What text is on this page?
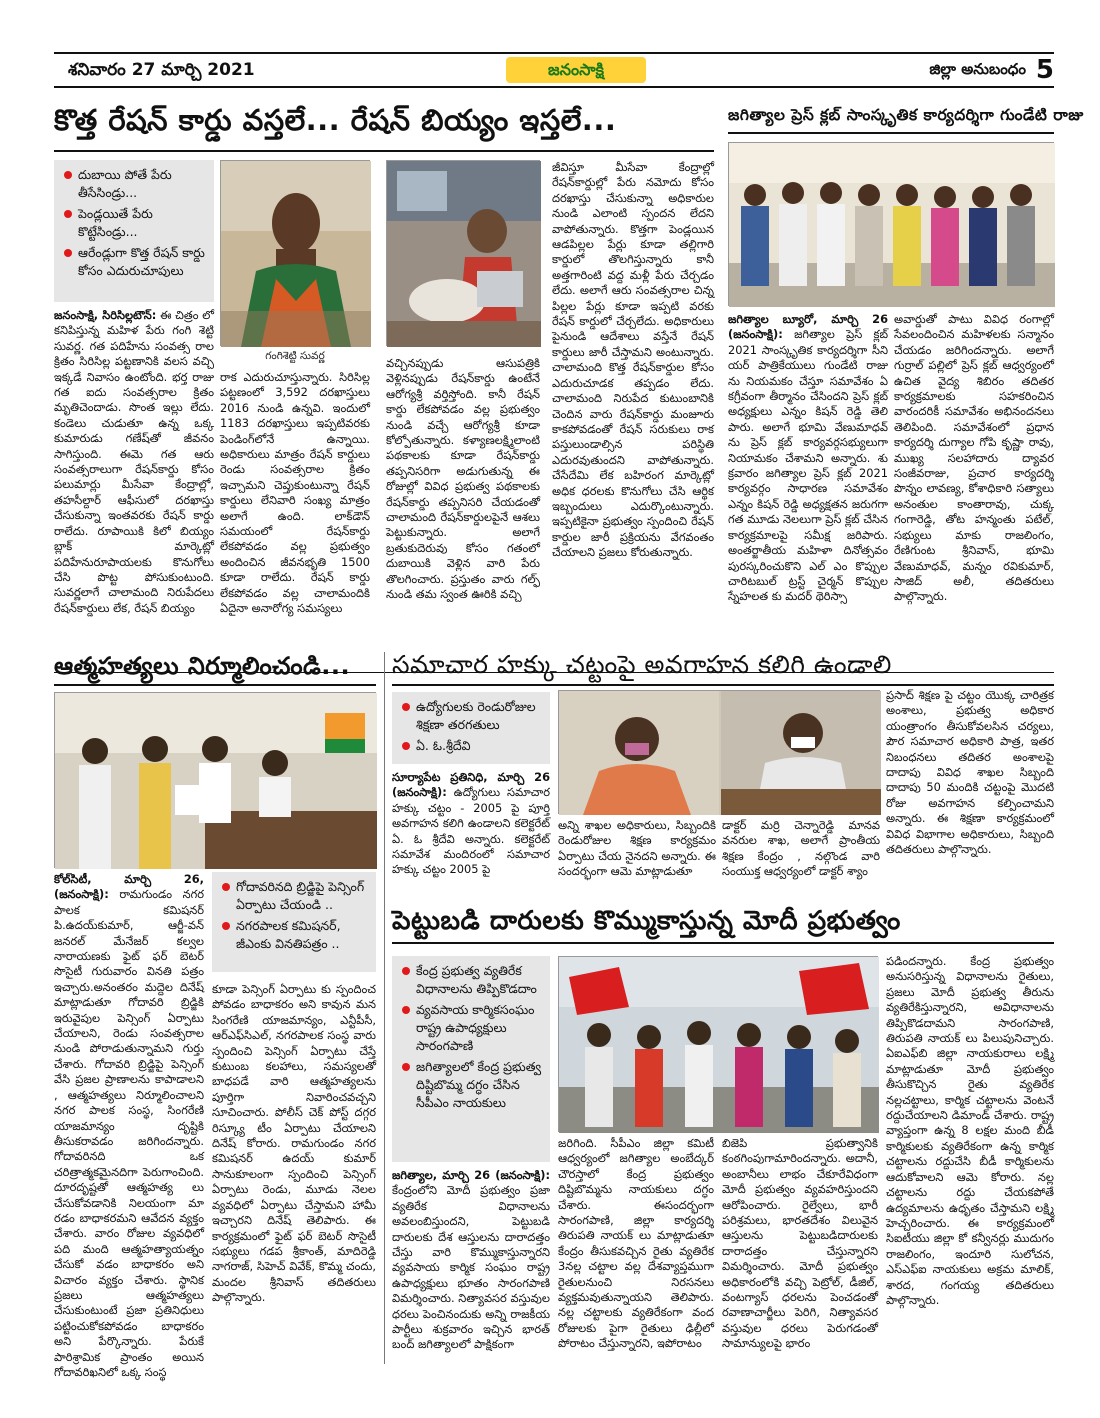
శనివారం 27 మార్చి 2021	జనంసాక్షి	జిల్లా అనుబంధం 5
కొత్త రేషన్ కార్డు వస్తలే... రేషన్ బియ్యం ఇస్తలే...
దుబాయి పోతే పేరు తీసేసిండ్రు...
పెండ్లయితే పేరు కొట్టేసిండ్రు...
ఆరేండ్లుగా కొత్త రేషన్ కార్డు కోసం ఎదురుచూపులు
గంగిశెట్టి సువర్ణ
జనంసాక్షి, సిరిసిల్లటౌన్: ఈ చిత్రం లో కనిపిస్తున్న మహిళ పేరు గంగి శెట్టి సువర్ణ. గత పదిహేను సంవత్స రాల క్రితం సిరిసిల్ల పట్టణానికి వలస వచ్చి ఇక్కడే నివాసం ఉంటోంది. భర్త రాజు గత ఐదు సంవత్సరాల క్రితం మృతిచెందాడు. సొంత ఇల్లు లేదు. కండెలు చుడుతూ ఉన్న ఒక్క కుమారుడు గణేష్‌తో జీవనం సాగిస్తుంది. ఈమె గత ఆరు సంవత్సరాలుగా రేషన్‌కార్డు కోసం పలుమార్లు మీసేవా కేంద్రాల్లో, తహసీల్దార్ ఆఫీసులో దరఖాస్తు చేసుకున్నా ఇంతవరకు రేషన్ కార్డు రాలేదు. రూపాయికి కిలో బియ్యం బ్లాక్ మార్కెట్లో పదిహేనురూపాయలకు కొనుగోలు చేసి పొట్ట పోసుకుంటుంది. సువర్ణలాగే చాలామంది నిరుపేదలు రేషన్‌కార్డులు లేక, రేషన్ బియ్యం
రాక ఎదురుచూస్తున్నారు. సిరిసిల్ల పట్టణంలో 3,592 దరఖాస్తులు 2016 నుండి ఉన్నవి. ఇందులో 1183 దరఖాస్తులు ఇప్పటివరకు పెండింగ్‌లోనే ఉన్నాయి. అధికారులు మాత్రం రేషన్ కార్డులు రెండు సంవత్సరాల క్రితం ఇచ్చామని చెప్తుకుంటున్నా రేషన్ కార్డులు లేనివారి సంఖ్య మాత్రం అలాగే ఉంది. లాక్‌డౌన్ సమయంలో రేషన్‌కార్డు లేకపోవడం వల్ల ప్రభుత్వం అందించిన జీవనభృతి 1500 కూడా రాలేదు. రేషన్ కార్డు లేకపోవడం వల్ల చాలామందికి ఏదైనా అనారోగ్య సమస్యలు
వచ్చినప్పుడు ఆసుపత్రికి వెళ్లినప్పుడు రేషన్‌కార్డు ఉంటేనే ఆరోగ్యశ్రీ వర్తిస్తోంది. కానీ రేషన్ కార్డు లేకపోవడం వల్ల ప్రభుత్వం నుండి వచ్చే ఆరోగ్యశ్రీ కూడా కోల్పోతున్నారు. కళ్యాణలక్ష్మిలాంటి పథకాలకు కూడా రేషన్‌కార్డు తప్పనిసరిగా అడుగుతున్న ఈ రోజుల్లో వివిధ ప్రభుత్వ పథకాలకు రేషన్‌కార్డు తప్పనిసరి చేయడంతో చాలామంది రేషన్‌కార్డులపైనే ఆశలు పెట్టుకున్నారు. అలాగే బ్రతుకుదెరువు కోసం గతంలో దుబాయికి వెళ్లిన వారి పేరు తొలగించారు. ప్రస్తుతం వారు గల్ఫ్ నుండి తమ స్వంత ఊరికి వచ్చి
జీవిస్తూ మీసేవా కేంద్రాల్లో రేషన్‌కార్డుల్లో పేరు నమోదు కోసం దరఖాస్తు చేసుకున్నా అధికారుల నుండి ఎలాంటి స్పందన లేదని వాపోతున్నారు. కొత్తగా పెండ్లయిన ఆడపిల్లల పేర్లు కూడా తల్లిగారి కార్డులో తొలగిస్తున్నారు కానీ అత్తగారింటి వద్ద మళ్లీ పేరు చేర్చడం లేదు. అలాగే ఆరు సంవత్సరాల చిన్న పిల్లల పేర్లు కూడా ఇప్పటి వరకు రేషన్ కార్డులో చేర్చలేదు. అధికారులు పైనుండి ఆదేశాలు వస్తేనే రేషన్ కార్డులు జారీ చేస్తామని అంటున్నారు. చాలామంది కొత్త రేషన్‌కార్డుల కోసం ఎదురుచూడక తప్పడం లేదు. చాలామంది నిరుపేద కుటుంబానికి చెందిన వారు రేషన్‌కార్డు మంజూరు కాకపోవడంతో రేషన్ సరుకులు రాక పస్తులుండాల్సిన పరిస్థితి ఎదురవుతుందని వాపోతున్నారు. చేసేదేమి లేక బహిరంగ మార్కెట్లో అధిక ధరలకు కొనుగోలు చేసి ఆర్థిక ఇబ్బందులు ఎదుర్కొంటున్నారు. ఇప్పటికైనా ప్రభుత్వం స్పందించి రేషన్ కార్డుల జారీ ప్రక్రియను వేగవంతం చేయాలని ప్రజలు కోరుతున్నారు.
జగిత్యాల ప్రెస్ క్లబ్ సాంస్కృతిక కార్యదర్శిగా గుండేటి రాజు
జగిత్యాల బ్యూరో, మార్చి 26 (జనంసాక్షి): జగిత్యాల ప్రెస్ క్లబ్ 2021 సాంస్కృతిక కార్యదర్శిగా సీని యర్ పాత్రికేయులు గుండేటి రాజు ను నియమకం చేస్తూ సమావేశం ఏ కగ్రీవంగా తీర్మానం చేసిందని ప్రెస్ క్లబ్ అధ్యక్షులు ఎన్నం కిషన్ రెడ్డి తెలి పారు. అలాగే భూమి వేణుమాధవ్ ను ప్రెస్ క్లబ్ కార్యవర్గసభ్యులుగా నియామకం చేశామని అన్నారు. శు క్రవారం జగిత్యాల ప్రెస్ క్లబ్ 2021 కార్యవర్గం సాధారణ సమావేశం ఎన్నం కిషన్ రెడ్డి అధ్యక్షతన జరుగగా గత మూడు నెలలుగా ప్రెస్ క్లబ్ చేసిన కార్యక్రమాలపై సమీక్ష జరిపారు. అంతర్జాతీయ మహిళా దినోత్సవం పురస్కరించుకొని ఎల్ ఎం కొప్పుల చారిటబుల్ ట్రస్ట్ చైర్మన్ కొప్పుల స్నేహలత కు మదర్ థెరిస్సా
అవార్డుతో పాటు వివిధ రంగాల్లో సేవలందించిన మహిళలకు సన్మానం చేయడం జరిగిందన్నారు. అలాగే గుర్రాల్ పల్లిలో ప్రెస్ క్లబ్ ఆధ్వర్యంలో ఉచిత వైద్య శిబిరం తదితర కార్యక్రమాలకు సహకరించిన వారందరికీ సమావేశం అభినందనలు తెలిపింది. సమావేశంలో ప్రధాన కార్యదర్శి దుగ్యాల గోపి కృష్ణా రావు, ముఖ్య సలహాదారు ద్యావర సంజీవరాజు, ప్రచార కార్యదర్శి పొన్నం లావణ్య, కోశాధికారి సత్యాలు అనంతుల కాంతారావు, చుక్క గంగారెడ్డి, తోట హన్మంతు పటేల్, సభ్యులు మాకు రాజలింగం, రేణిగుంట శ్రీనివాస్, భూమి వేణుమాధవ్, మన్నం రవికుమార్, సాజిద్ అలీ, తదితరులు పాల్గొన్నారు.
ఆత్మహత్యలు నిర్మూలించండి...
కోల్‌సిటీ, మార్చి 26, (జనంసాక్షి): రామగుండం నగర పాలక కమిషనర్ పి.ఉదయ్‌కుమార్, ఆర్జీ-వన్ జనరల్ మేనేజర్ కల్వల నారాయణకు ఫైట్ ఫర్ బెటర్ సొసైటీ గురువారం వినతి పత్రం ఇచ్చారు.అనంతరం మద్దెల దినేష్ మాట్లాడుతూ గోదావరి బ్రిడ్జికి ఇరువైపుల పెన్సింగ్ ఏర్పాటు చేయాలని, రెండు సంవత్సరాల నుండి పోరాడుతున్నామని గుర్తు చేశారు. గోదావరి బ్రిడ్జిపై పెన్సింగ్ వేసి ప్రజల ప్రాణాలను కాపాడాలని , ఆత్మహత్యలు నిర్మూలించాలని నగర పాలక సంస్థ, సింగరేణి యాజమాన్యం దృష్టికి తీసుకరావడం జరిగిందన్నారు. గోదావరినది ఒక చరిత్రాత్మకమైనదిగా పెరుగాంచింది. దూరదృష్టతో ఆత్మహత్య లు చేసుకోవడానికి నిలయంగా మా రడం బాధాకరమని ఆవేదన వ్యక్తం చేశారు. వారం రోజుల వ్యవధిలో పది మంది ఆత్మహత్యాయత్నం చేసుకో వడం బాధాకరం అని విచారం వ్యక్తం చేశారు. స్థానిక ప్రజలు ఆత్మహత్యలు చేసుకుంటుంటే ప్రజా ప్రతినిధులు పట్టించుకోకపోవడం బాధాకరం అని పేర్కొన్నారు. పేరుకే పారిశ్రామిక ప్రాంతం అయిన గోదావరిఖనిలో ఒక్క సంస్థ
గోదావరినది బ్రిడ్జిపై పెన్సింగ్ ఏర్పాటు చేయండి ..
నగరపాలక కమిషనర్, జీఎంకు వినతిపత్రం ..
కూడా పెన్సింగ్ ఏర్పాటు కు స్పందించ పోవడం బాధాకరం అని కావున మన సింగరేణి యాజమాన్యం, ఎన్టీపీసీ, ఆర్‌ఎఫ్‌సిఎల్, నగరపాలక సంస్థ వారు స్పందించి పెన్సింగ్ ఏర్పాటు చేస్తే కుటుంబ కలహాలు, సమస్యలతో బాధపడే వారి ఆత్మహత్యలను పూర్తిగా నివారించవచ్చని సూచించారు. పోలీస్ చెక్ పోస్ట్ దగ్గర రిస్క్యూ టీం ఏర్పాటు చేయాలని దినేష్ కోరారు. రామగుండం నగర కమిషనర్ ఉదయ్ కుమార్ సానుకూలంగా స్పందించి పెన్సింగ్ ఏర్పాటు రెండు, మూడు నెలల వ్యవధిలో ఏర్పాటు చేస్తామని హామీ ఇచ్చారని దినేష్ తెలిపారు. ఈ కార్యక్రమంలో ఫైట్ ఫర్ బెటర్ సొసైటీ సభ్యులు గడప శ్రీకాంత్, మాదిరెడ్డి నాగరాజ్, సిహెచ్ వివేక్, కొమ్మ చందు, మందల శ్రీనివాస్ తదితరులు పాల్గొన్నారు.
సమాచార హక్కు చట్టంపై అవగాహన కలిగి ఉండాలి
ఉద్యోగులకు రెండురోజుల శిక్షణా తరగతులు
ఏ. ఓ.శ్రీదేవి
సూర్యాపేట ప్రతినిధి, మార్చి 26 (జనంసాక్షి): ఉద్యోగులు సమాచార హక్కు చట్టం - 2005 పై పూర్తి అవగాహన కలిగి ఉండాలని కలెక్టరేట్ ఏ. ఓ శ్రీదేవి అన్నారు. కలెక్టరేట్ సమావేశ మందిరంలో సమాచార హక్కు చట్టం 2005 పై
అన్ని శాఖల అధికారులు, సిబ్బందికి రెండురోజుల శిక్షణ కార్యక్రమం ఏర్పాటు చేయ నైనదని అన్నారు. ఈ సందర్భంగా ఆమె మాట్లాడుతూ
డాక్టర్ మర్రి చెన్నారెడ్డి మానవ వనరుల శాఖ, అలాగే ప్రాంతీయ శిక్షణ కేంద్రం , నల్గొండ వారి సంయుక్త ఆధ్వర్యంలో డాక్టర్ శ్యాం
ప్రసాద్ శిక్షణ పై చట్టం యొక్క చారిత్రక అంశాలు, ప్రభుత్వ అధికార యంత్రాంగం తీసుకోవలసిన చర్యలు, పౌర సమాచార అధికారి పాత్ర, ఇతర నిబంధనలు తదితర అంశాలపై దాదాపు వివిధ శాఖల సిబ్బంది దాదాపు 50 మందికి చట్టంపై మొదటి రోజు అవగాహన కల్పించామని అన్నారు. ఈ శిక్షణా కార్యక్రమంలో వివిధ విభాగాల అధికారులు, సిబ్బంది తదితరులు పాల్గొన్నారు.
పెట్టుబడి దారులకు కొమ్ముకాస్తున్న మోదీ ప్రభుత్వం
కేంద్ర ప్రభుత్వ వ్యతిరేక విధానాలను తిప్పికొడదాం
వ్యవసాయ కార్మికసంఘం రాష్ట్ర ఉపాధ్యక్షులు సారంగపాణి
జగిత్యాలలో కేంద్ర ప్రభుత్వ దిష్టిబొమ్మ దగ్ధం చేసిన సీపీఎం నాయకులు
జగిత్యాల, మార్చి 26 (జనంసాక్షి): కేంద్రంలోని మోదీ ప్రభుత్వం ప్రజా వ్యతిరేక విధానాలను అవలంబిస్తుందని, పెట్టుబడి దారులకు దేశ ఆస్తులను దారాదత్తం చేస్తు వారి కొమ్ముకాస్తున్నారని వ్యవసాయ కార్మిక సంఘం రాష్ట్ర ఉపాధ్యక్షులు భూతం సారంగపాణి విమర్శించారు. నిత్యావసర వస్తువుల ధరలు పెంచినందుకు అన్ని రాజకీయ పార్టీలు శుక్రవారం ఇచ్చిన భారత్ బంద్ జగిత్యాలలో పాక్షికంగా
జరిగింది. సీపీఎం జిల్లా కమిటీ ఆధ్వర్యంలో జగిత్యాల అంబేద్కర్ చౌరస్తాలో కేంద్ర ప్రభుత్వం దిష్టిబొమ్మను నాయకులు దగ్ధం చేశారు. ఈసందర్భంగా సారంగపాణి, జిల్లా కార్యదర్శి తిరుపతి నాయక్ లు మాట్లాడుతూ కేంద్రం తీసుకవచ్చిన రైతు వ్యతిరేక 3నల్ల చట్టాల వల్ల దేశవ్యాప్తముగా రైతులనుంచి నిరసనలు వ్యక్తమవుతున్నాయని తెలిపారు. నల్ల చట్టాలకు వ్యతిరేకంగా వంద రోజులకు పైగా రైతులు ఢిల్లీలో పోరాటం చేస్తున్నారని, ఇపోరాటం
బిజెపి ప్రభుత్వానికి కంఠగింపుగామారిందన్నారు. అదానీ, అంబానీలు లాభం చేకూరేవిధంగా మోదీ ప్రభుత్వం వ్యవహరిస్తుందని ఆరోపించారు. రైల్వేలు, భారీ పరిశ్రమలు, భారతదేశం విలువైన ఆస్తులను పెట్టుబడిదారులకు దారాదత్తం చేస్తున్నారని విమర్శించారు. మోదీ ప్రభుత్వం అధికారంలోకి వచ్చి పెట్రోల్, డీజిల్, వంటగ్యాస్ ధరలను పెంచడంతో రవాణాచార్జీలు పెరిగి, నిత్యావసర వస్తువుల ధరలు పెరుగడంతో సామాన్యులపై భారం
పడిందన్నారు. కేంద్ర ప్రభుత్వం అనుసరిస్తున్న విధానాలను రైతులు, ప్రజలు మోదీ ప్రభుత్వ తీరును వ్యతిరేకిస్తున్నారని, అవిధానాలను తిప్పికొడదామని సారంగపాణి, తిరుపతి నాయక్ లు పిలుపునిచ్చారు. ఏఐఎఫ్‌బి జిల్లా నాయకురాలు లక్ష్మి మాట్లాడుతూ మోదీ ప్రభుత్వం తీసుకొచ్చిన రైతు వ్యతిరేక నల్లచట్టాలు, కార్మిక చట్టాలను వెంటనే రద్దుచేయాలని డిమాండ్ చేశారు. రాష్ట్ర వ్యాప్తంగా ఉన్న 8 లక్షల మంది బీడీ కార్మికులకు వ్యతిరేకంగా ఉన్న కార్మిక చట్టాలను రద్దుచేసి బీడీ కార్మికులను ఆదుకోవాలని ఆమె కోరారు. నల్ల చట్టాలను రద్దు చేయకపోతే ఉద్యమాలను ఉధృతం చేస్తామని లక్ష్మి హెచ్చరించారు. ఈ కార్యక్రమంలో సిఐటీయు జిల్లా కో కన్వీనర్లు ముదుగం రాజలింగం, ఇందూరి సులోచన, ఎస్ఎఫ్ఐ నాయకులు అక్రమ మాలిక్, శారద, గంగయ్య తదితరులు పాల్గొన్నారు.
